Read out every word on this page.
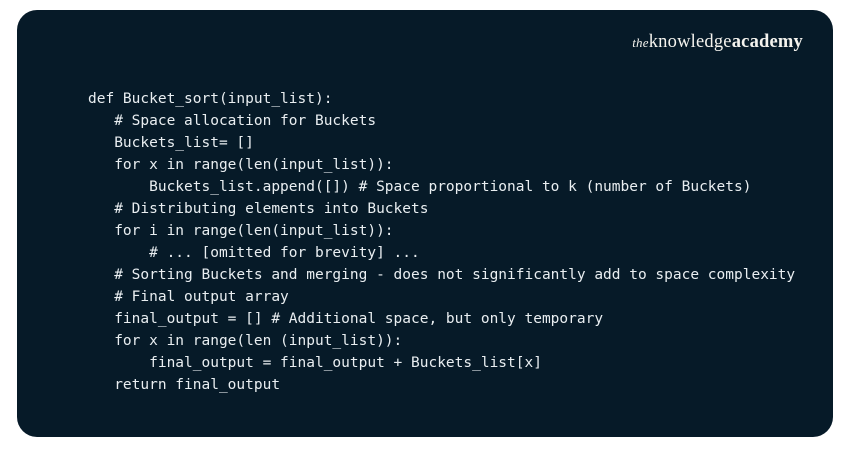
theknowledgeacademy
def Bucket_sort(input_list):
# Space allocation for Buckets
Buckets_list= []
for x in range(len(input_list)):
Buckets_list.append([]) # Space proportional to k (number of Buckets)
# Distributing elements into Buckets
for i in range(len(input_list)):
# ... [omitted for brevity] ...
# Sorting Buckets and merging - does not significantly add to space complexity
# Final output array
final_output = [] # Additional space, but only temporary
for x in range(len (input_list)):
final_output = final_output + Buckets_list[x]
return final_output
